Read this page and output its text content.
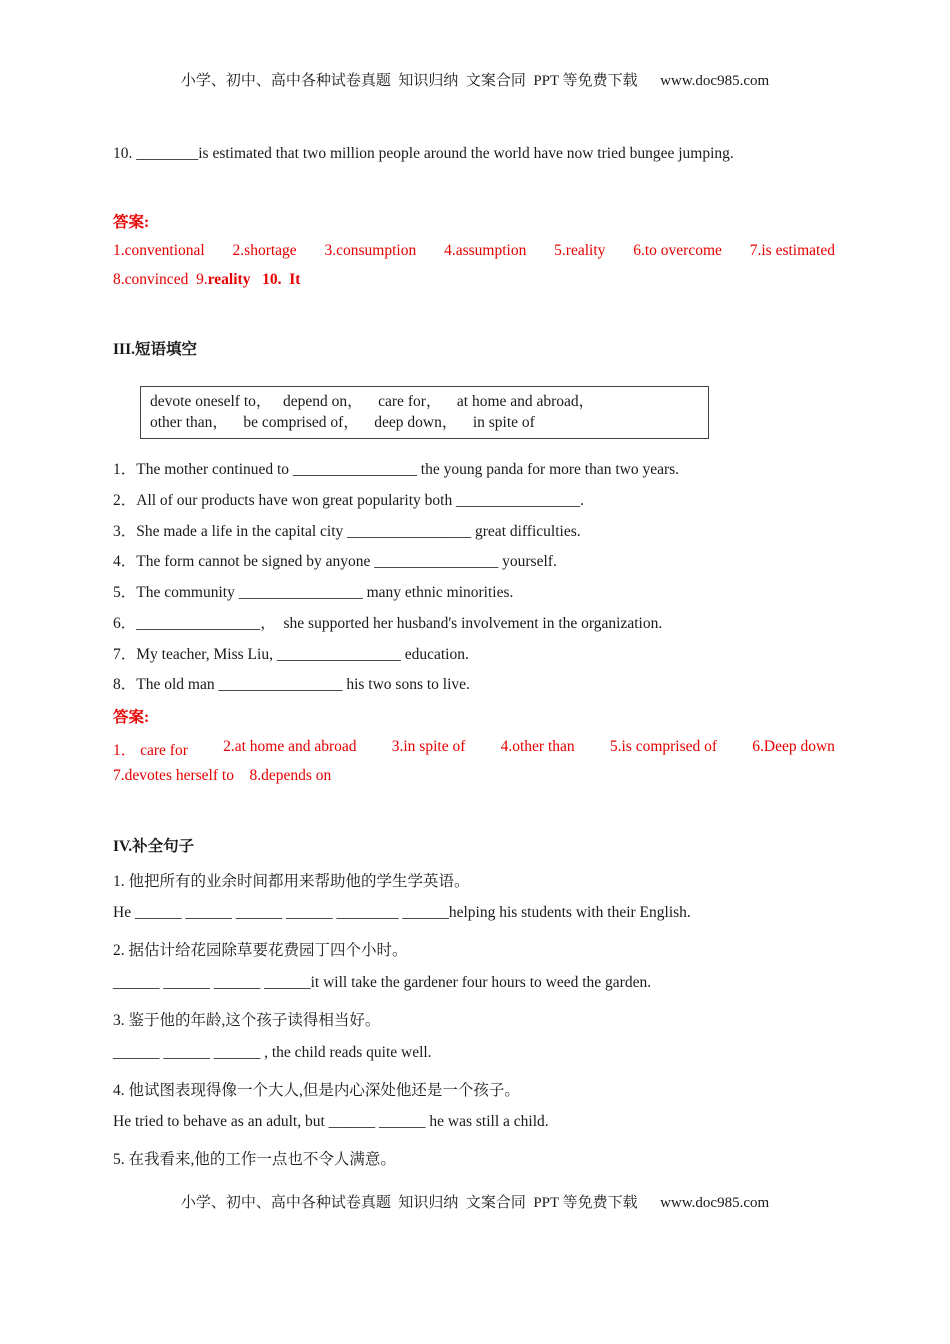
小学、初中、高中各种试卷真题  知识归纳  文案合同  PPT 等免费下载      www.doc985.com
10. ________is estimated that two million people around the world have now tried bungee jumping.
答案:
1.conventional 2.shortage 3.consumption 4.assumption 5.reality 6.to overcome 7.is estimated
8.convinced  9.reality   10.  It
III.短语填空
devote oneself to，   depend on，    care for，    at home and abroad，
other than，    be comprised of，    deep down，    in spite of
1．The mother continued to ________________ the young panda for more than two years.
2．All of our products have won great popularity both ________________.
3．She made a life in the capital city ________________ great difficulties.
4．The form cannot be signed by anyone ________________ yourself.
5．The community ________________ many ethnic minorities.
6．________________，  she supported her husband's involvement in the organization.
7．My teacher, Miss Liu, ________________ education.
8．The old man ________________ his two sons to live.
答案:
1． care for 2.at home and abroad 3.in spite of 4.other than 5.is comprised of 6.Deep down
7.devotes herself to    8.depends on
IV.补全句子
1. 他把所有的业余时间都用来帮助他的学生学英语。
He ______ ______ ______ ______ ________ ______helping his students with their English.
2. 据估计给花园除草要花费园丁四个小时。
______ ______ ______ ______it will take the gardener four hours to weed the garden.
3. 鉴于他的年龄,这个孩子读得相当好。
______ ______ ______ , the child reads quite well.
4. 他试图表现得像一个大人,但是内心深处他还是一个孩子。
He tried to behave as an adult, but ______ ______ he was still a child.
5. 在我看来,他的工作一点也不令人满意。
小学、初中、高中各种试卷真题  知识归纳  文案合同  PPT 等免费下载      www.doc985.com
